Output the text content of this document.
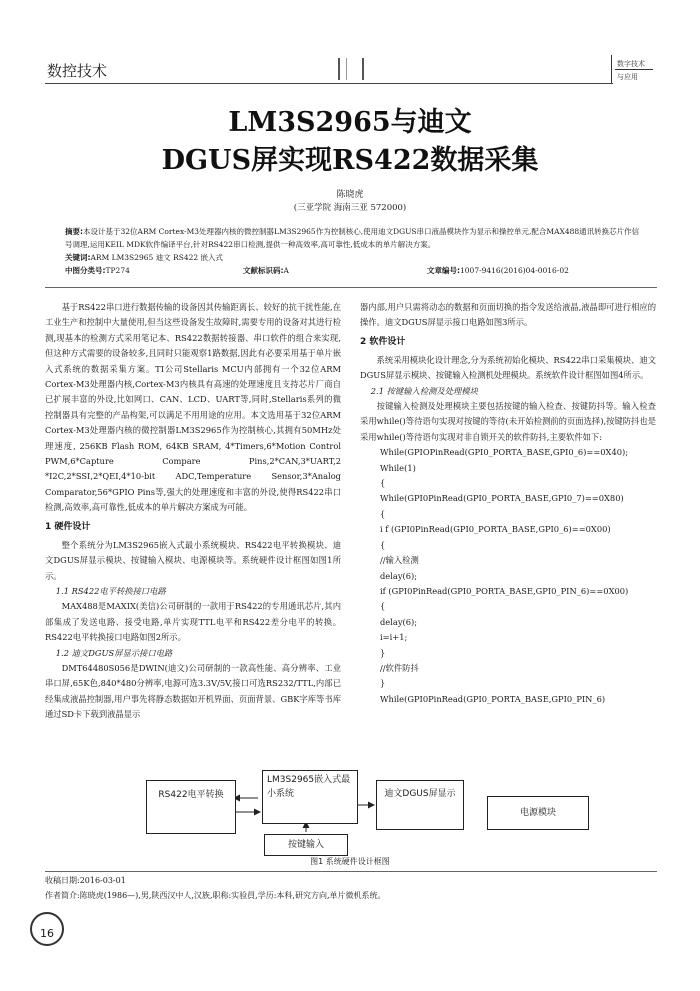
数控技术	数字技术
与应用
LM3S2965与迪文
DGUS屏实现RS422数据采集
陈晓虎
(三亚学院 海南三亚 572000)
摘要:本设计基于32位ARM Cortex-M3处理器内核的微控制器LM3S2965作为控制核心,使用迪文DGUS串口液晶模块作为显示和操控单元,配合MAX488通讯转换芯片作信号调理,运用KEIL MDK软件编译平台,针对RS422串口检测,提供一种高效率,高可靠性,低成本的单片解决方案。
关键词:ARM LM3S2965 迪文 RS422 嵌入式
中图分类号:TP274	文献标识码:A	文章编号:1007-9416(2016)04-0016-02

基于RS422串口进行数据传输的设备因其传输距离长、较好的抗干扰性能,在工业生产和控制中大量使用,但当这些设备发生故障时,需要专用的设备对其进行检测,现基本的检测方式采用笔记本、RS422数据转接器、串口软件的组合来实现,但这种方式需要的设备较多,且同时只能观察1路数据,因此有必要采用基于单片嵌入式系统的数据采集方案。TI公司Stellaris MCU内部拥有一个32位ARM Cortex-M3处理器内核,Cortex-M3内核具有高速的处理速度且支持芯片厂商自已扩展丰富的外设,比如网口、CAN、LCD、UART等,同时,Stellaris系列的微控制器具有完整的产品构架,可以满足不用用途的应用。本文选用基于32位ARM Cortex-M3处理器内核的微控制器LM3S2965作为控制核心,其拥有50MHz处理速度, 256KB Flash ROM, 64KB SRAM, 4*Timers,6*Motion Control PWM,6*Capture Compare Pins,2*CAN,3*UART,2 *I2C,2*SSI,2*QEI,4*10-bit ADC,Temperature Sensor,3*Analog Comparator,56*GPIO Pins等,强大的处理速度和丰富的外设,使得RS422串口检测,高效率,高可靠性,低成本的单片解决方案成为可能。

1 硬件设计

整个系统分为LM3S2965嵌入式最小系统模块、RS422电平转换模块、迪文DGUS屏显示模块、按键输入模块、电源模块等。系统硬件设计框图如图1所示。

1.1 RS422电平转换接口电路

MAX488是MAXIX(美信)公司研制的一款用于RS422的专用通讯芯片,其内部集成了发送电路、接受电路,单片实现TTL电平和RS422差分电平的转换。RS422电平转换接口电路如图2所示。

1.2 迪文DGUS屏显示接口电路

DMT64480S056是DWIN(迪文)公司研制的一款高性能、高分辨率、工业串口屏,65K色,840*480分辨率,电源可选3.3V/5V,接口可选RS232/TTL,内部已经集成液晶控制器,用户事先将静态数据如开机界面、页面背景、GBK字库等书库通过SD卡下载到液晶显示

器内部,用户只需将动态的数据和页面切换的指令发送给液晶,液晶即可进行相应的操作。迪文DGUS屏显示接口电路如图3所示。

2 软件设计

系统采用模块化设计理念,分为系统初始化模块、RS422串口采集模块、迪文DGUS屏显示模块、按键输入检测机处理模块。系统软件设计框图如图4所示。

2.1 按键输入检测及处理模块

按键输入检测及处理模块主要包括按键的输入检查、按键防抖等。输入检查采用while()等待语句实现对按键的等待(未开始检测前的页面选择),按键防抖也是采用while()等待语句实现对非自锁开关的软件防抖,主要软件如下:

While(GPIOPinRead(GPI0_PORTA_BASE,GPI0_6)==0X40);

While(1)

{

While(GPI0PinRead(GPI0_PORTA_BASE,GPI0_7)==0X80)

{

i f (GPI0PinRead(GPI0_PORTA_BASE,GPI0_6)==0X00)

{

//输入检测

delay(6);

if (GPI0PinRead(GPI0_PORTA_BASE,GPI0_PIN_6)==0X00)

{

delay(6);

i=i+1;

}

//软件防抖

}

While(GPI0PinRead(GPI0_PORTA_BASE,GPI0_PIN_6)

RS422电平转换
LM3S2965嵌入式最小系统	迪文DGUS屏显示
电源模块
按键输入
图1 系统硬件设计框图
收稿日期:2016-03-01
作者简介:陈晓虎(1986—),男,陕西汉中人,汉族,职称:实验員,学历:本科,研究方向,单片微机系统。
16
